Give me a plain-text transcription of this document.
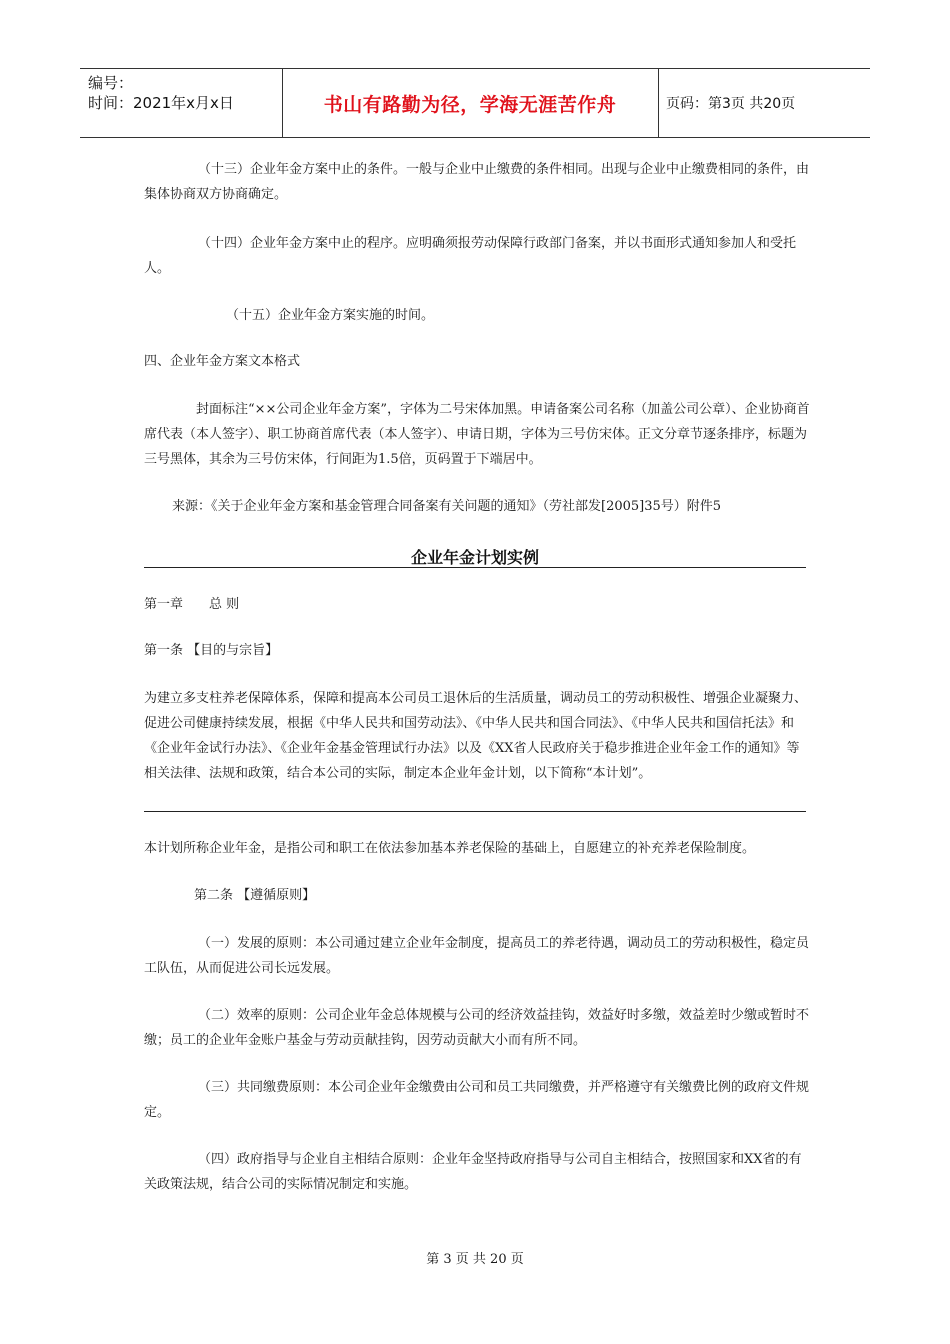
编号：
时间：2021年x月x日	书山有路勤为径，学海无涯苦作舟	页码：第3页 共20页

（十三）企业年金方案中止的条件。一般与企业中止缴费的条件相同。出现与企业中止缴费相同的条件，由集体协商双方协商确定。

（十四）企业年金方案中止的程序。应明确须报劳动保障行政部门备案，并以书面形式通知参加人和受托人。

（十五）企业年金方案实施的时间。

四、企业年金方案文本格式

封面标注“××公司企业年金方案”，字体为二号宋体加黑。申请备案公司名称（加盖公司公章）、企业协商首席代表（本人签字）、职工协商首席代表（本人签字）、申请日期，字体为三号仿宋体。正文分章节逐条排序，标题为三号黑体，其余为三号仿宋体，行间距为1.5倍，页码置于下端居中。

来源：《关于企业年金方案和基金管理合同备案有关问题的通知》（劳社部发[2005]35号）附件5

企业年金计划实例

第一章　　总 则

第一条 【目的与宗旨】

为建立多支柱养老保障体系，保障和提高本公司员工退休后的生活质量，调动员工的劳动积极性、增强企业凝聚力、促进公司健康持续发展，根据《中华人民共和国劳动法》、《中华人民共和国合同法》、《中华人民共和国信托法》和《企业年金试行办法》、《企业年金基金管理试行办法》以及《XX省人民政府关于稳步推进企业年金工作的通知》等相关法律、法规和政策，结合本公司的实际，制定本企业年金计划，以下简称“本计划”。

本计划所称企业年金，是指公司和职工在依法参加基本养老保险的基础上，自愿建立的补充养老保险制度。

第二条 【遵循原则】

（一）发展的原则：本公司通过建立企业年金制度，提高员工的养老待遇，调动员工的劳动积极性，稳定员工队伍，从而促进公司长远发展。

（二）效率的原则：公司企业年金总体规模与公司的经济效益挂钩，效益好时多缴，效益差时少缴或暂时不缴；员工的企业年金账户基金与劳动贡献挂钩，因劳动贡献大小而有所不同。

（三）共同缴费原则：本公司企业年金缴费由公司和员工共同缴费，并严格遵守有关缴费比例的政府文件规定。

（四）政府指导与企业自主相结合原则：企业年金坚持政府指导与公司自主相结合，按照国家和XX省的有关政策法规，结合公司的实际情况制定和实施。

第 3 页 共 20 页
